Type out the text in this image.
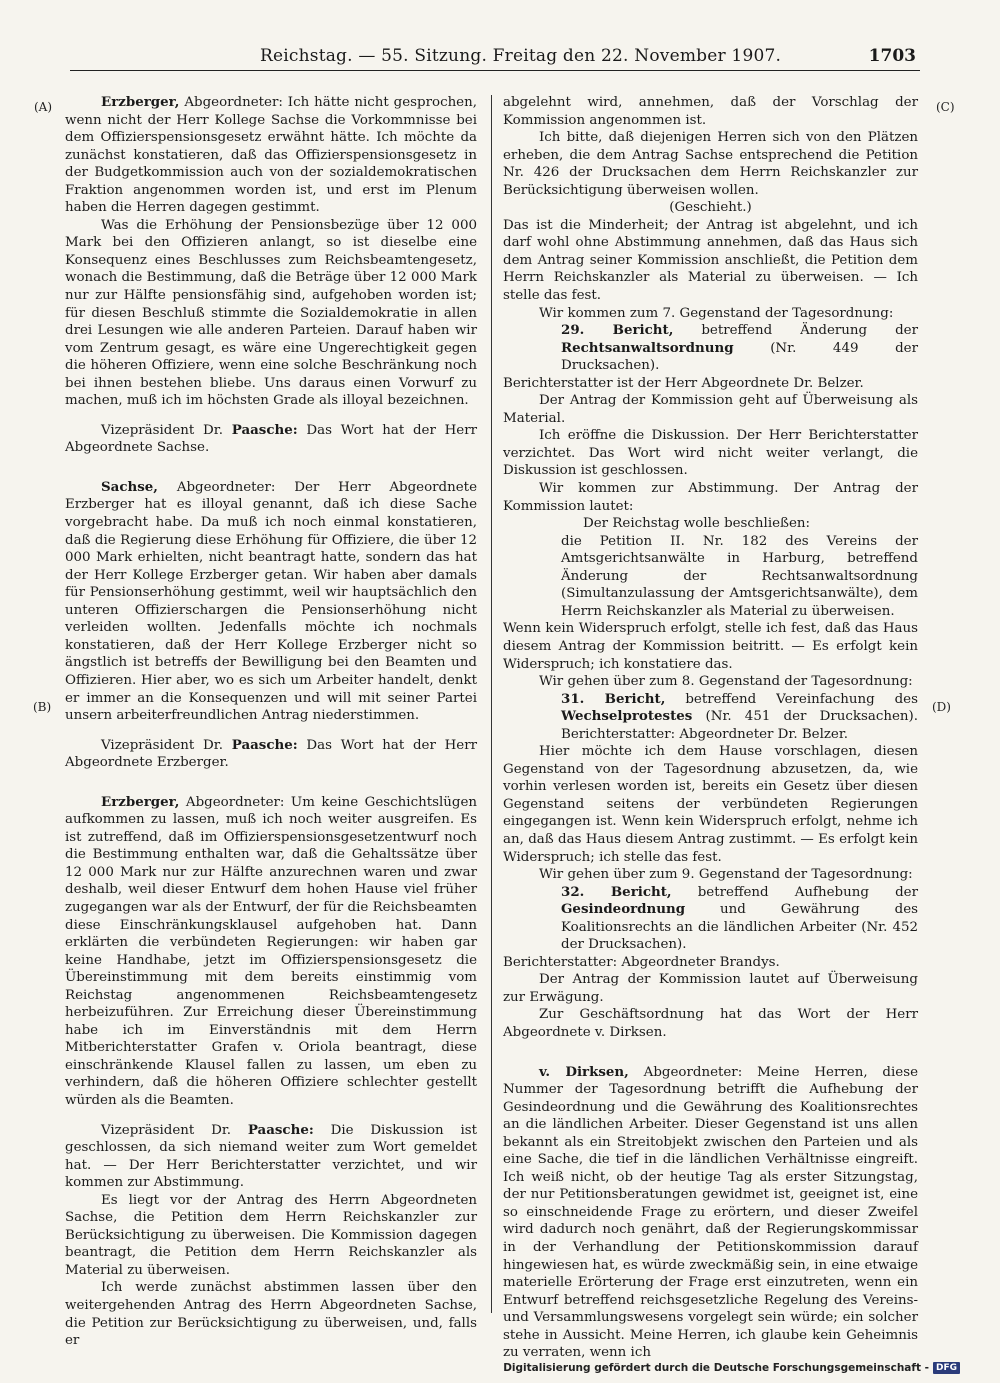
Reichstag. — 55. Sitzung. Freitag den 22. November 1907.	1703
(A)
(B)
(C)
(D)

Erzberger, Abgeordneter: Ich hätte nicht gesprochen, wenn nicht der Herr Kollege Sachse die Vorkommnisse bei dem Offizierspensionsgesetz erwähnt hätte. Ich möchte da zunächst konstatieren, daß das Offizierspensionsgesetz in der Budgetkommission auch von der sozialdemokratischen Fraktion angenommen worden ist, und erst im Plenum haben die Herren dagegen gestimmt.

Was die Erhöhung der Pensionsbezüge über 12 000 Mark bei den Offizieren anlangt, so ist dieselbe eine Konsequenz eines Beschlusses zum Reichsbeamtengesetz, wonach die Bestimmung, daß die Beträge über 12 000 Mark nur zur Hälfte pensionsfähig sind, aufgehoben worden ist; für diesen Beschluß stimmte die Sozialdemokratie in allen drei Lesungen wie alle anderen Parteien. Darauf haben wir vom Zentrum gesagt, es wäre eine Ungerechtigkeit gegen die höheren Offiziere, wenn eine solche Beschränkung noch bei ihnen bestehen bliebe. Uns daraus einen Vorwurf zu machen, muß ich im höchsten Grade als illoyal bezeichnen.

Vizepräsident Dr. Paasche: Das Wort hat der Herr Abgeordnete Sachse.

Sachse, Abgeordneter: Der Herr Abgeordnete Erzberger hat es illoyal genannt, daß ich diese Sache vorgebracht habe. Da muß ich noch einmal konstatieren, daß die Regierung diese Erhöhung für Offiziere, die über 12 000 Mark erhielten, nicht beantragt hatte, sondern das hat der Herr Kollege Erzberger getan. Wir haben aber damals für Pensionserhöhung gestimmt, weil wir hauptsächlich den unteren Offizierschargen die Pensionserhöhung nicht verleiden wollten. Jedenfalls möchte ich nochmals konstatieren, daß der Herr Kollege Erzberger nicht so ängstlich ist betreffs der Bewilligung bei den Beamten und Offizieren. Hier aber, wo es sich um Arbeiter handelt, denkt er immer an die Konsequenzen und will mit seiner Partei unsern arbeiterfreundlichen Antrag niederstimmen.

Vizepräsident Dr. Paasche: Das Wort hat der Herr Abgeordnete Erzberger.

Erzberger, Abgeordneter: Um keine Geschichtslügen aufkommen zu lassen, muß ich noch weiter ausgreifen. Es ist zutreffend, daß im Offizierspensionsgesetzentwurf noch die Bestimmung enthalten war, daß die Gehaltssätze über 12 000 Mark nur zur Hälfte anzurechnen waren und zwar deshalb, weil dieser Entwurf dem hohen Hause viel früher zugegangen war als der Entwurf, der für die Reichsbeamten diese Einschränkungsklausel aufgehoben hat. Dann erklärten die verbündeten Regierungen: wir haben gar keine Handhabe, jetzt im Offizierspensionsgesetz die Übereinstimmung mit dem bereits einstimmig vom Reichstag angenommenen Reichsbeamtengesetz herbeizuführen. Zur Erreichung dieser Übereinstimmung habe ich im Einverständnis mit dem Herrn Mitberichterstatter Grafen v. Oriola beantragt, diese einschränkende Klausel fallen zu lassen, um eben zu verhindern, daß die höheren Offiziere schlechter gestellt würden als die Beamten.

Vizepräsident Dr. Paasche: Die Diskussion ist geschlossen, da sich niemand weiter zum Wort gemeldet hat. — Der Herr Berichterstatter verzichtet, und wir kommen zur Abstimmung.

Es liegt vor der Antrag des Herrn Abgeordneten Sachse, die Petition dem Herrn Reichskanzler zur Berücksichtigung zu überweisen. Die Kommission dagegen beantragt, die Petition dem Herrn Reichskanzler als Material zu überweisen.

Ich werde zunächst abstimmen lassen über den weitergehenden Antrag des Herrn Abgeordneten Sachse, die Petition zur Berücksichtigung zu überweisen, und, falls er

abgelehnt wird, annehmen, daß der Vorschlag der Kommission angenommen ist.

Ich bitte, daß diejenigen Herren sich von den Plätzen erheben, die dem Antrag Sachse entsprechend die Petition Nr. 426 der Drucksachen dem Herrn Reichskanzler zur Berücksichtigung überweisen wollen.

(Geschieht.)

Das ist die Minderheit; der Antrag ist abgelehnt, und ich darf wohl ohne Abstimmung annehmen, daß das Haus sich dem Antrag seiner Kommission anschließt, die Petition dem Herrn Reichskanzler als Material zu überweisen. — Ich stelle das fest.

Wir kommen zum 7. Gegenstand der Tagesordnung:

29. Bericht, betreffend Änderung der Rechtsanwaltsordnung (Nr. 449 der Drucksachen).

Berichterstatter ist der Herr Abgeordnete Dr. Belzer.

Der Antrag der Kommission geht auf Überweisung als Material.

Ich eröffne die Diskussion. Der Herr Berichterstatter verzichtet. Das Wort wird nicht weiter verlangt, die Diskussion ist geschlossen.

Wir kommen zur Abstimmung. Der Antrag der Kommission lautet:

Der Reichstag wolle beschließen:

die Petition II. Nr. 182 des Vereins der Amtsgerichtsanwälte in Harburg, betreffend Änderung der Rechtsanwaltsordnung (Simultanzulassung der Amtsgerichtsanwälte), dem Herrn Reichskanzler als Material zu überweisen.

Wenn kein Widerspruch erfolgt, stelle ich fest, daß das Haus diesem Antrag der Kommission beitritt. — Es erfolgt kein Widerspruch; ich konstatiere das.

Wir gehen über zum 8. Gegenstand der Tagesordnung:

31. Bericht, betreffend Vereinfachung des Wechselprotestes (Nr. 451 der Drucksachen). Berichterstatter: Abgeordneter Dr. Belzer.

Hier möchte ich dem Hause vorschlagen, diesen Gegenstand von der Tagesordnung abzusetzen, da, wie vorhin verlesen worden ist, bereits ein Gesetz über diesen Gegenstand seitens der verbündeten Regierungen eingegangen ist. Wenn kein Widerspruch erfolgt, nehme ich an, daß das Haus diesem Antrag zustimmt. — Es erfolgt kein Widerspruch; ich stelle das fest.

Wir gehen über zum 9. Gegenstand der Tagesordnung:

32. Bericht, betreffend Aufhebung der Gesindeordnung und Gewährung des Koalitionsrechts an die ländlichen Arbeiter (Nr. 452 der Drucksachen).

Berichterstatter: Abgeordneter Brandys.

Der Antrag der Kommission lautet auf Überweisung zur Erwägung.

Zur Geschäftsordnung hat das Wort der Herr Abgeordnete v. Dirksen.

v. Dirksen, Abgeordneter: Meine Herren, diese Nummer der Tagesordnung betrifft die Aufhebung der Gesindeordnung und die Gewährung des Koalitionsrechtes an die ländlichen Arbeiter. Dieser Gegenstand ist uns allen bekannt als ein Streitobjekt zwischen den Parteien und als eine Sache, die tief in die ländlichen Verhältnisse eingreift. Ich weiß nicht, ob der heutige Tag als erster Sitzungstag, der nur Petitionsberatungen gewidmet ist, geeignet ist, eine so einschneidende Frage zu erörtern, und dieser Zweifel wird dadurch noch genährt, daß der Regierungskommissar in der Verhandlung der Petitionskommission darauf hingewiesen hat, es würde zweckmäßig sein, in eine etwaige materielle Erörterung der Frage erst einzutreten, wenn ein Entwurf betreffend reichsgesetzliche Regelung des Vereins- und Versammlungswesens vorgelegt sein würde; ein solcher stehe in Aussicht. Meine Herren, ich glaube kein Geheimnis zu verraten, wenn ich

Digitalisierung gefördert durch die Deutsche Forschungsgemeinschaft - DFG
